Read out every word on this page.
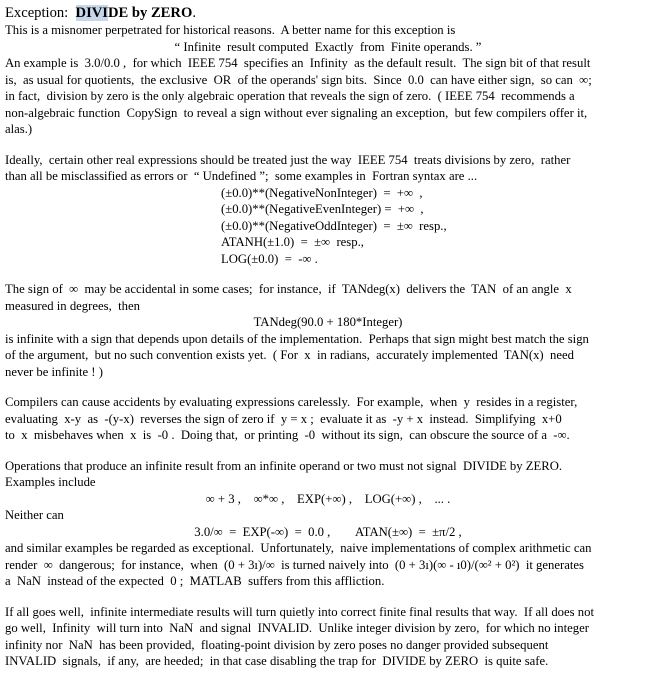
Exception:  DIVIDE by ZERO.
This is a misnomer perpetrated for historical reasons.  A better name for this exception is
“ Infinite  result computed  Exactly  from  Finite operands. ”
An example is  3.0/0.0 ,  for which  IEEE 754  specifies an  Infinity  as the default result.  The sign bit of that result
is,  as usual for quotients,  the exclusive  OR  of the operands' sign bits.  Since  0.0  can have either sign,  so can  ∞;
in fact,  division by zero is the only algebraic operation that reveals the sign of zero.  ( IEEE 754  recommends a
non-algebraic function  CopySign  to reveal a sign without ever signaling an exception,  but few compilers offer it,
alas.)
Ideally,  certain other real expressions should be treated just the way  IEEE 754  treats divisions by zero,  rather
than all be misclassified as errors or  “ Undefined ”;  some examples in  Fortran syntax are ...
(±0.0)**(NegativeNonInteger)  =  +∞  ,
(±0.0)**(NegativeEvenInteger) =  +∞  ,
(±0.0)**(NegativeOddInteger)  =  ±∞  resp.,
ATANH(±1.0)  =  ±∞  resp.,
LOG(±0.0)  =  -∞ .
The sign of  ∞  may be accidental in some cases;  for instance,  if  TANdeg(x)  delivers the  TAN  of an angle  x
measured in degrees,  then
TANdeg(90.0 + 180*Integer)
is infinite with a sign that depends upon details of the implementation.  Perhaps that sign might best match the sign
of the argument,  but no such convention exists yet.  ( For  x  in radians,  accurately implemented  TAN(x)  need
never be infinite ! )
Compilers can cause accidents by evaluating expressions carelessly.  For example,  when  y  resides in a register,
evaluating  x-y  as  -(y-x)  reverses the sign of zero if  y = x ;  evaluate it as  -y + x  instead.  Simplifying  x+0
to  x  misbehaves when  x  is  -0 .  Doing that,  or printing  -0  without its sign,  can obscure the source of a  -∞.
Operations that produce an infinite result from an infinite operand or two must not signal  DIVIDE by ZERO.
Examples include
∞ + 3 ,    ∞*∞ ,    EXP(+∞) ,    LOG(+∞) ,    ... .
Neither can
3.0/∞  =  EXP(-∞)  =  0.0 ,        ATAN(±∞)  =  ±π/2 ,
and similar examples be regarded as exceptional.  Unfortunately,  naive implementations of complex arithmetic can
render  ∞  dangerous;  for instance,  when  (0 + 3ı)/∞  is turned naively into  (0 + 3ı)(∞ - ı0)/(∞² + 0²)  it generates
a  NaN  instead of the expected  0 ;  MATLAB  suffers from this affliction.
If all goes well,  infinite intermediate results will turn quietly into correct finite final results that way.  If all does not
go well,  Infinity  will turn into  NaN  and signal  INVALID.  Unlike integer division by zero,  for which no integer
infinity nor  NaN  has been provided,  floating-point division by zero poses no danger provided subsequent
INVALID  signals,  if any,  are heeded;  in that case disabling the trap for  DIVIDE by ZERO  is quite safe.
